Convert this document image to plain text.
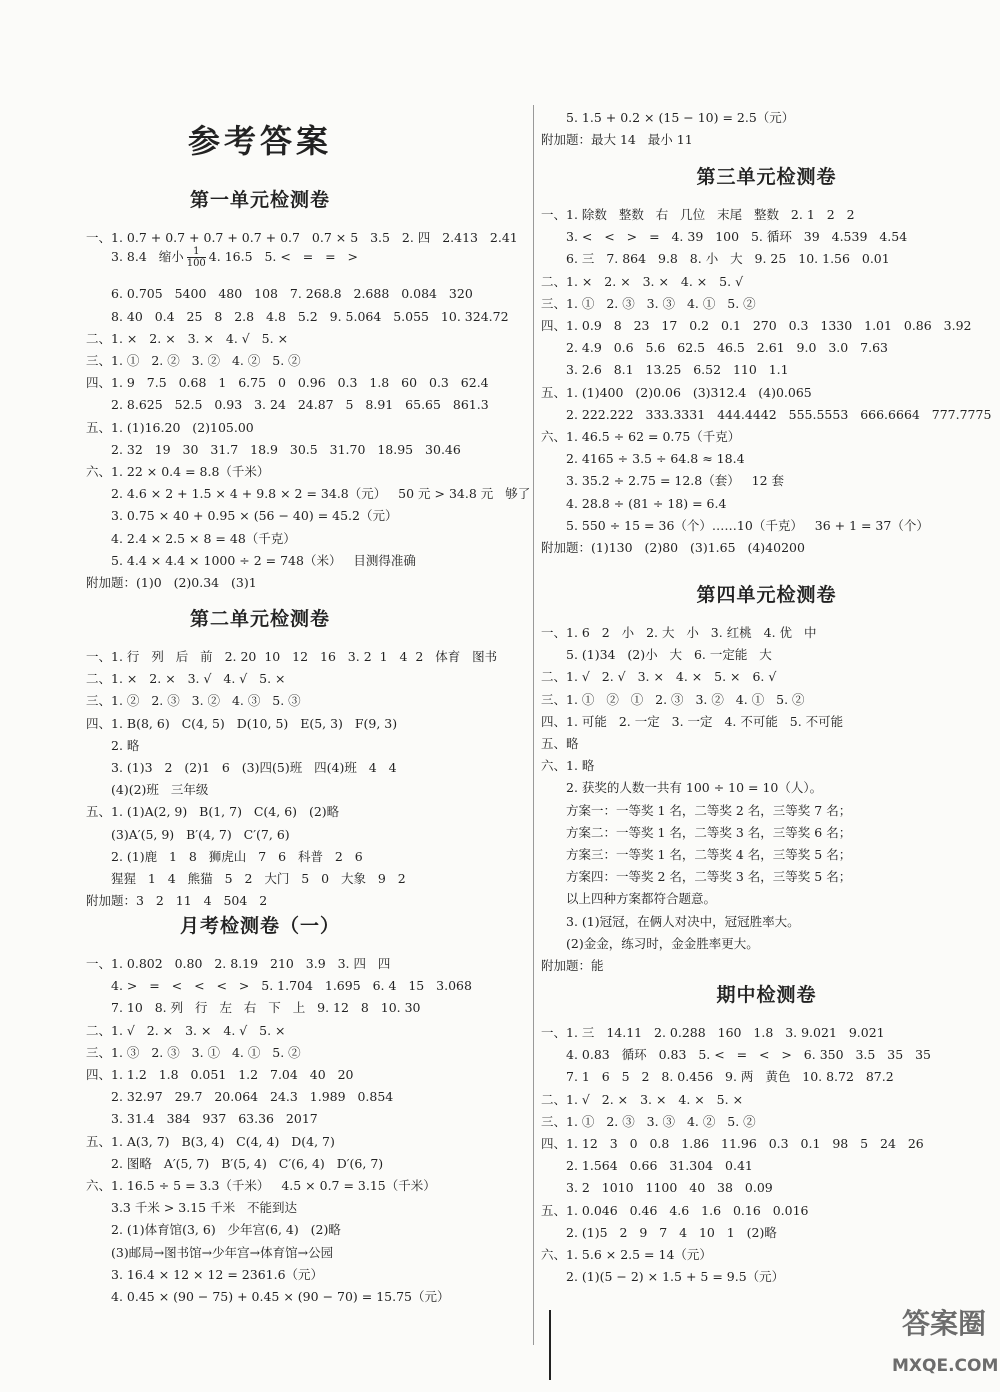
参考答案
第一单元检测卷
一、1. 0.7 + 0.7 + 0.7 + 0.7 + 0.7   0.7 × 5   3.5   2. 四   2.413   2.41
3. 8.4   缩小 $\frac{1}{100} 4$. 16.5   5. <   =   =   >
6. 0.705   5400   480   108   7. 268.8   2.688   0.084   320
8. 40   0.4   25   8   2.8   4.8   5.2   9. 5.064   5.055   10. 324.72
二、1. ×   2. ×   3. ×   4. √   5. ×
三、1. ①   2. ②   3. ②   4. ②   5. ②
四、1. 9   7.5   0.68   1   6.75   0   0.96   0.3   1.8   60   0.3   62.4
2. 8.625   52.5   0.93   3. 24   24.87   5   8.91   65.65   861.3
五、1. (1)16.20   (2)105.00
2. 32   19   30   31.7   18.9   30.5   31.70   18.95   30.46
六、1. 22 × 0.4 = 8.8（千米）
2. 4.6 × 2 + 1.5 × 4 + 9.8 × 2 = 34.8（元）   50 元 > 34.8 元   够了
3. 0.75 × 40 + 0.95 × (56 − 40) = 45.2（元）
4. 2.4 × 2.5 × 8 = 48（千克）
5. 4.4 × 4.4 × 1000 ÷ 2 = 748（米）   目测得准确
附加题：(1)0   (2)0.34   (3)1
第二单元检测卷
一、1. 行   列   后   前   2. 20  10   12   16   3. 2  1   4  2   体育   图书
二、1. ×   2. ×   3. √   4. √   5. ×
三、1. ②   2. ③   3. ②   4. ③   5. ③
四、1. B(8, 6)   C(4, 5)   D(10, 5)   E(5, 3)   F(9, 3)
2. 略
3. (1)3   2   (2)1   6   (3)四(5)班   四(4)班   4   4
(4)(2)班   三年级
五、1. (1)A(2, 9)   B(1, 7)   C(4, 6)   (2)略
(3)A′(5, 9)   B′(4, 7)   C′(7, 6)
2. (1)鹿   1   8   狮虎山   7   6   科普   2   6
猩猩   1   4   熊猫   5   2   大门   5   0   大象   9   2
附加题：3   2   11   4   504   2
月考检测卷（一）
一、1. 0.802   0.80   2. 8.19   210   3.9   3. 四   四
4. >   =   <   <   <   >   5. 1.704   1.695   6. 4   15   3.068
7. 10   8. 列   行   左   右   下   上   9. 12   8   10. 30
二、1. √   2. ×   3. ×   4. √   5. ×
三、1. ③   2. ③   3. ①   4. ①   5. ②
四、1. 1.2   1.8   0.051   1.2   7.04   40   20
2. 32.97   29.7   20.064   24.3   1.989   0.854
3. 31.4   384   937   63.36   2017
五、1. A(3, 7)   B(3, 4)   C(4, 4)   D(4, 7)
2. 图略   A′(5, 7)   B′(5, 4)   C′(6, 4)   D′(6, 7)
六、1. 16.5 ÷ 5 = 3.3（千米）   4.5 × 0.7 = 3.15（千米）
3.3 千米 > 3.15 千米   不能到达
2. (1)体育馆(3, 6)   少年宫(6, 4)   (2)略
(3)邮局→图书馆→少年宫→体育馆→公园
3. 16.4 × 12 × 12 = 2361.6（元）
4. 0.45 × (90 − 75) + 0.45 × (90 − 70) = 15.75（元）
5. 1.5 + 0.2 × (15 − 10) = 2.5（元）
附加题：最大 14   最小 11
第三单元检测卷
一、1. 除数   整数   右   几位   末尾   整数   2. 1   2   2
3. <   <   >   =   4. 39   100   5. 循环   39   4.539   4.54
6. 三   7. 864   9.8   8. 小   大   9. 25   10. 1.56   0.01
二、1. ×   2. ×   3. ×   4. ×   5. √
三、1. ①   2. ③   3. ③   4. ①   5. ②
四、1. 0.9   8   23   17   0.2   0.1   270   0.3   1330   1.01   0.86   3.92
2. 4.9   0.6   5.6   62.5   46.5   2.61   9.0   3.0   7.63
3. 2.6   8.1   13.25   6.52   110   1.1
五、1. (1)400   (2)0.06   (3)312.4   (4)0.065
2. 222.222   333.3331   444.4442   555.5553   666.6664   777.7775
六、1. 46.5 ÷ 62 = 0.75（千克）
2. 4165 ÷ 3.5 ÷ 64.8 ≈ 18.4
3. 35.2 ÷ 2.75 = 12.8（套）   12 套
4. 28.8 ÷ (81 ÷ 18) = 6.4
5. 550 ÷ 15 = 36（个）……10（千克）   36 + 1 = 37（个）
附加题：(1)130   (2)80   (3)1.65   (4)40200
第四单元检测卷
一、1. 6   2   小   2. 大   小   3. 红桃   4. 优   中
5. (1)34   (2)小   大   6. 一定能   大
二、1. √   2. √   3. ×   4. ×   5. ×   6. √
三、1. ①   ②   ①   2. ③   3. ②   4. ①   5. ②
四、1. 可能   2. 一定   3. 一定   4. 不可能   5. 不可能
五、略
六、1. 略
2. 获奖的人数一共有 100 ÷ 10 = 10（人）。
方案一：一等奖 1 名，二等奖 2 名，三等奖 7 名；
方案二：一等奖 1 名，二等奖 3 名，三等奖 6 名；
方案三：一等奖 1 名，二等奖 4 名，三等奖 5 名；
方案四：一等奖 2 名，二等奖 3 名，三等奖 5 名；
以上四种方案都符合题意。
3. (1)冠冠，在俩人对决中，冠冠胜率大。
(2)金金，练习时，金金胜率更大。
附加题：能
期中检测卷
一、1. 三   14.11   2. 0.288   160   1.8   3. 9.021   9.021
4. 0.83   循环   0.83   5. <   =   <   >   6. 350   3.5   35   35
7. 1   6   5   2   8. 0.456   9. 两   黄色   10. 8.72   87.2
二、1. √   2. ×   3. ×   4. ×   5. ×
三、1. ①   2. ③   3. ③   4. ②   5. ②
四、1. 12   3   0   0.8   1.86   11.96   0.3   0.1   98   5   24   26
2. 1.564   0.66   31.304   0.41
3. 2   1010   1100   40   38   0.09
五、1. 0.046   0.46   4.6   1.6   0.16   0.016
2. (1)5   2   9   7   4   10   1   (2)略
六、1. 5.6 × 2.5 = 14（元）
2. (1)(5 − 2) × 1.5 + 5 = 9.5（元）
答案圈
MXQE.COM
